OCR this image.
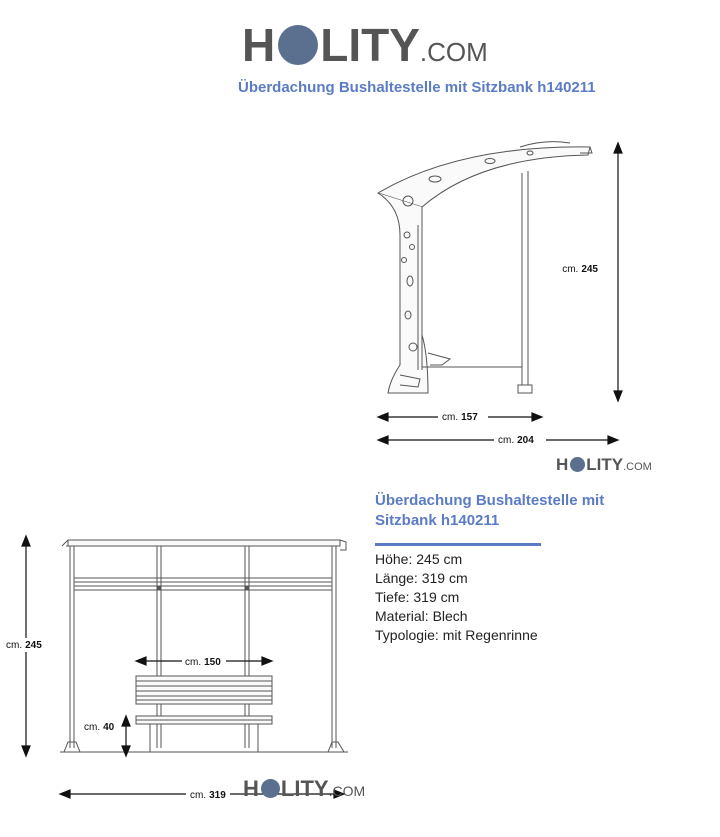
H LITY .COM
Überdachung Bushaltestelle mit Sitzbank h140211
cm. 245
cm. 157
cm. 204
H LITY .COM
Überdachung Bushaltestelle mit Sitzbank h140211
Höhe: 245 cm
Länge: 319 cm
Tiefe: 319 cm
Material: Blech
Typologie: mit Regenrinne
cm. 245
cm. 150
cm. 40
cm. 319 H LITY .COM
